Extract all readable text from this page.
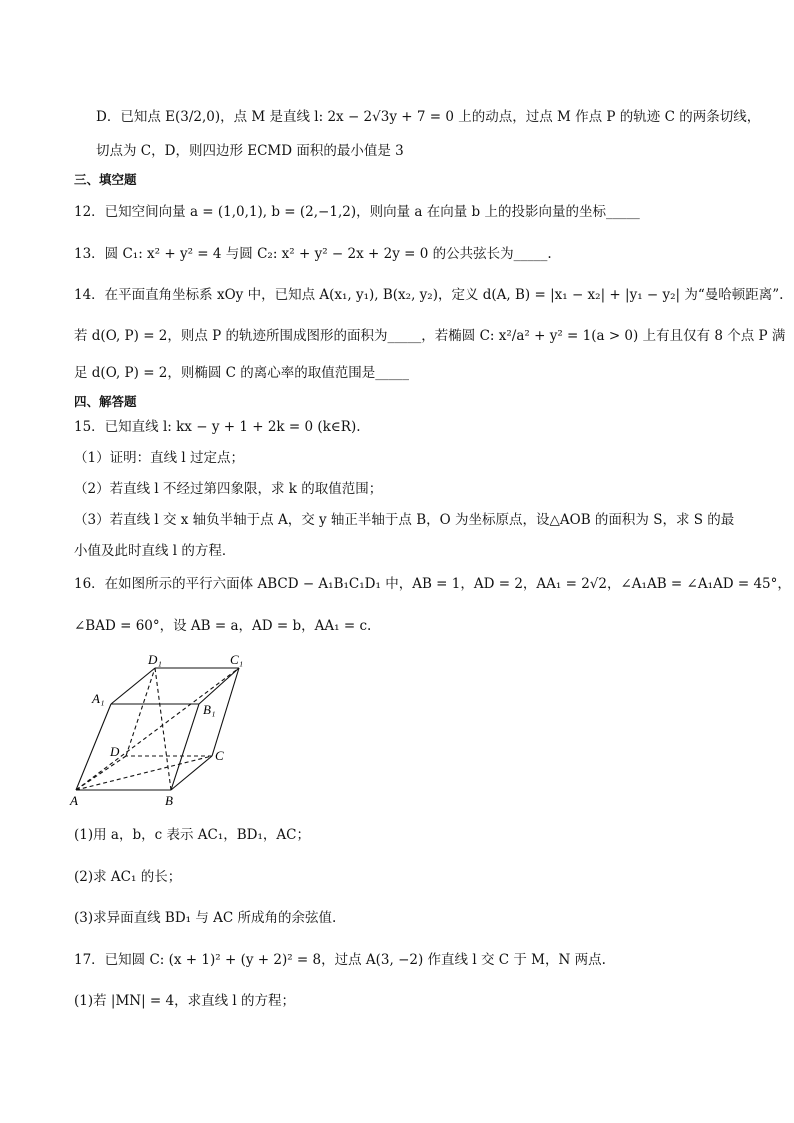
D．已知点 E(3/2,0)，点 M 是直线 l: 2x − 2√3y + 7 = 0 上的动点，过点 M 作点 P 的轨迹 C 的两条切线，
切点为 C，D，则四边形 ECMD 面积的最小值是 3
三、填空题
12．已知空间向量 a = (1,0,1), b = (2,−1,2)，则向量 a 在向量 b 上的投影向量的坐标_____
13．圆 C₁: x² + y² = 4 与圆 C₂: x² + y² − 2x + 2y = 0 的公共弦长为_____.
14．在平面直角坐标系 xOy 中，已知点 A(x₁, y₁), B(x₂, y₂)，定义 d(A, B) = |x₁ − x₂| + |y₁ − y₂| 为“曼哈顿距离”.
若 d(O, P) = 2，则点 P 的轨迹所围成图形的面积为_____，若椭圆 C: x²/a² + y² = 1(a > 0) 上有且仅有 8 个点 P 满
足 d(O, P) = 2，则椭圆 C 的离心率的取值范围是_____
四、解答题
15．已知直线 l: kx − y + 1 + 2k = 0 (k∈R).
（1）证明：直线 l 过定点；
（2）若直线 l 不经过第四象限，求 k 的取值范围；
（3）若直线 l 交 x 轴负半轴于点 A，交 y 轴正半轴于点 B，O 为坐标原点，设△AOB 的面积为 S，求 S 的最
小值及此时直线 l 的方程．
16．在如图所示的平行六面体 ABCD − A₁B₁C₁D₁ 中，AB = 1，AD = 2，AA₁ = 2√2，∠A₁AB = ∠A₁AD = 45°，
∠BAD = 60°，设 AB = a，AD = b，AA₁ = c.
A	B
C
D
A₁
B₁
C₁
D₁
(1)用 a，b，c 表示 AC₁，BD₁，AC；
(2)求 AC₁ 的长；
(3)求异面直线 BD₁ 与 AC 所成角的余弦值.
17．已知圆 C: (x + 1)² + (y + 2)² = 8，过点 A(3, −2) 作直线 l 交 C 于 M，N 两点.
(1)若 |MN| = 4，求直线 l 的方程；
